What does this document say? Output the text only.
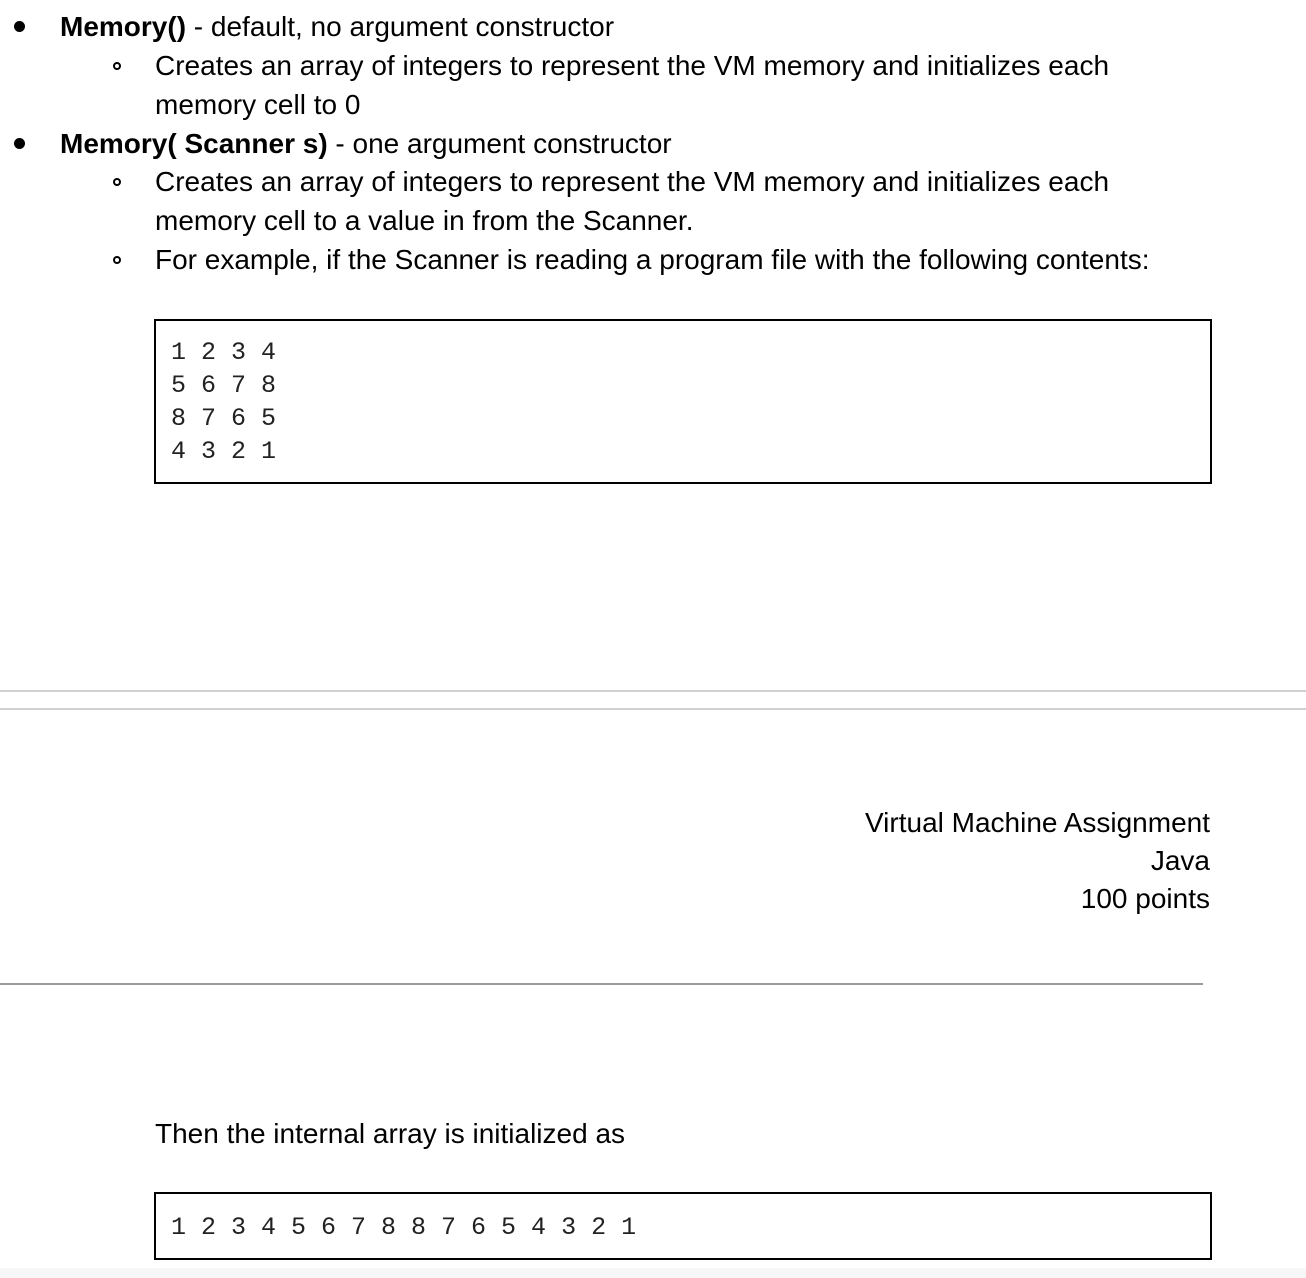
Memory() - default, no argument constructor
Creates an array of integers to represent the VM memory and initializes each
memory cell to 0
Memory( Scanner s) - one argument constructor
Creates an array of integers to represent the VM memory and initializes each
memory cell to a value in from the Scanner.
For example, if the Scanner is reading a program file with the following contents:
1 2 3 4
5 6 7 8
8 7 6 5
4 3 2 1
Virtual Machine Assignment
Java
100 points
Then the internal array is initialized as
1 2 3 4 5 6 7 8 8 7 6 5 4 3 2 1
